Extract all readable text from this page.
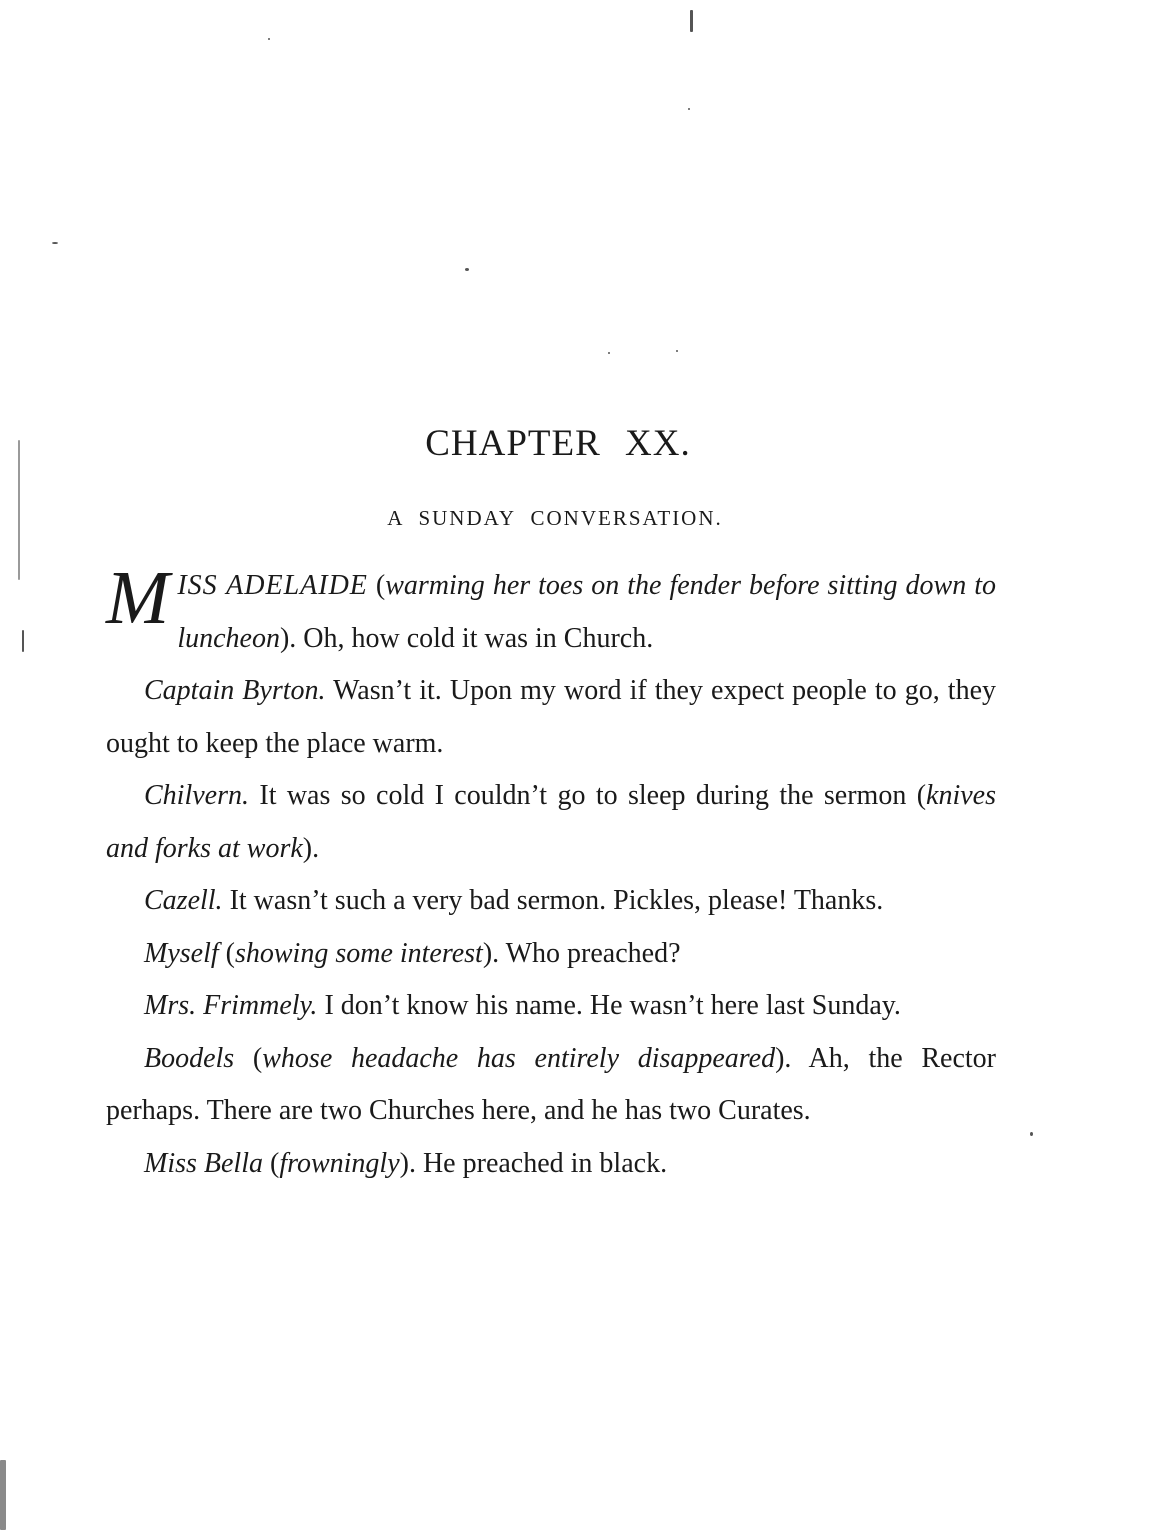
CHAPTER XX.
A SUNDAY CONVERSATION.

MISS ADELAIDE (warming her toes on the fender before sitting down to luncheon). Oh, how cold it was in Church.

Captain Byrton. Wasn’t it. Upon my word if they expect people to go, they ought to keep the place warm.

Chilvern. It was so cold I couldn’t go to sleep during the sermon (knives and forks at work).

Cazell. It wasn’t such a very bad sermon. Pickles, please! Thanks.

Myself (showing some interest). Who preached?

Mrs. Frimmely. I don’t know his name. He wasn’t here last Sunday.

Boodels (whose headache has entirely disappeared). Ah, the Rector perhaps. There are two Churches here, and he has two Curates.

Miss Bella (frowningly). He preached in black.
